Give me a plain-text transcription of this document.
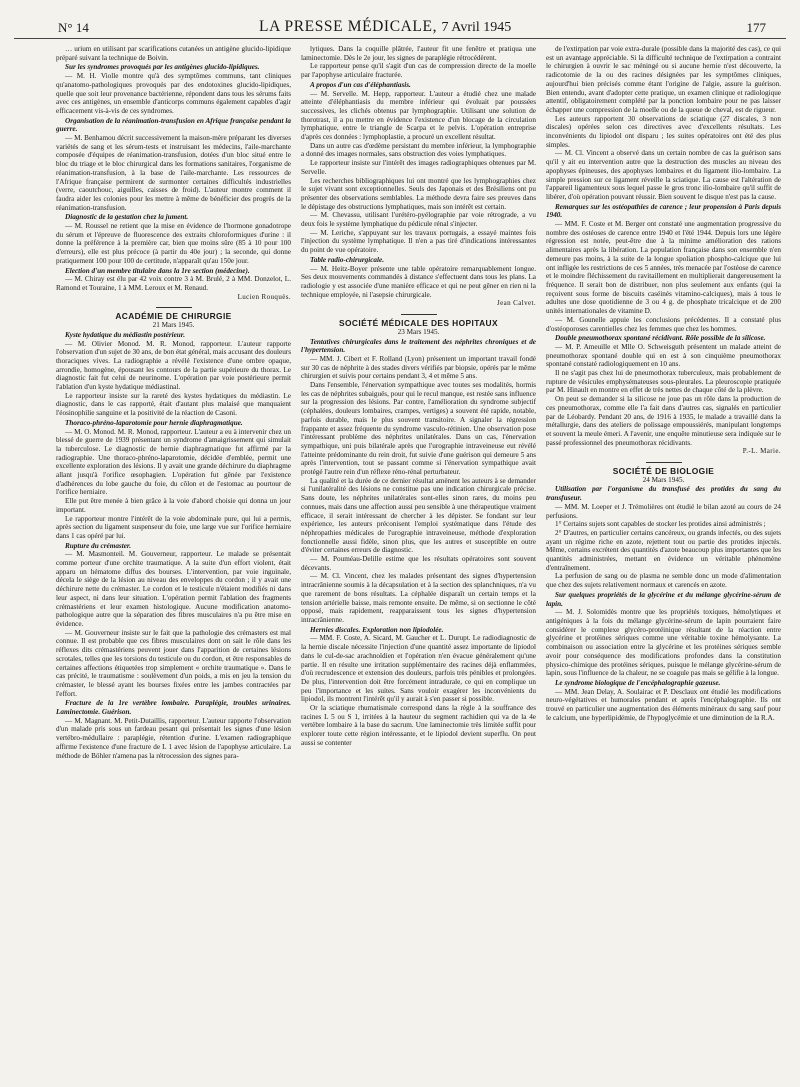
N° 14	LA PRESSE MÉDICALE, 7 Avril 1945	177

… urium en utilisant par scarifications cutanées un antigène glucido-lipidique préparé suivant la technique de Boivin.

Sur les syndromes provoqués par les antigènes glucido-lipidiques.

— M. H. Violle montre qu'à des symptômes communs, tant cliniques qu'anatomo-pathologiques provoqués par des endotoxines glucido-lipidiques, quelle que soit leur provenance bactérienne, répondent dans tous les sérums faits avec ces antigènes, un ensemble d'anticorps communs également capables d'agir efficacement vis-à-vis de ces syndromes.

Organisation de la réanimation-transfusion en Afrique française pendant la guerre.

— M. Benhamou décrit successivement la maison-mère préparant les diverses variétés de sang et les sérum-tests et instruisant les médecins, l'aile-marchante composée d'équipes de réanimation-transfusion, dotées d'un bloc situé entre le bloc du triage et le bloc chirurgical dans les formations sanitaires, l'organisme de réanimation-transfusion, à la base de l'aile-marchante. Les ressources de l'Afrique française permirent de surmonter certaines difficultés industrielles (verre, caoutchouc, aiguilles, caisses de froid). L'auteur montre comment il faudra aider les colonies pour les mettre à même de bénéficier des progrès de la réanimation-transfusion.

Diagnostic de la gestation chez la jument.

— M. Roussel ne retient que la mise en évidence de l'hormone gonadotrope du sérum et l'épreuve de fluorescence des extraits chloroformiques d'urine : il donne la préférence à la première car, bien que moins sûre (85 à 10 pour 100 d'erreurs), elle est plus précoce (à partir du 40e jour) ; la seconde, qui donne pratiquement 100 pour 100 de certitude, n'apparaît qu'au 150e jour.

Election d'un membre titulaire dans la 1re section (médecine).

— M. Chiray est élu par 42 voix contre 3 à M. Brulé, 2 à MM. Donzelot, L. Ramond et Touraine, 1 à MM. Leroux et M. Renaud.

Lucien Rouquès.

ACADÉMIE DE CHIRURGIE

21 Mars 1945.

Kyste hydatique du médiastin postérieur.

— M. Olivier Monod. M. R. Monod, rapporteur. L'auteur rapporte l'observation d'un sujet de 30 ans, de bon état général, mais accusant des douleurs thoraciques vives. La radiographie a révélé l'existence d'une ombre opaque, arrondie, homogène, épousant les contours de la partie supérieure du thorax. Le diagnostic fait fut celui de neurinome. L'opération par voie postérieure permit l'ablation d'un kyste hydatique médiastinal.

Le rapporteur insiste sur la rareté des kystes hydatiques du médiastin. Le diagnostic, dans le cas rapporté, était d'autant plus malaisé que manquaient l'éosinophilie sanguine et la positivité de la réaction de Casoni.

Thoraco-phréno-laparotomie pour hernie diaphragmatique.

— M. O. Monod. M. R. Monod, rapporteur. L'auteur a eu à intervenir chez un blessé de guerre de 1939 présentant un syndrome d'amaigrissement qui simulait la tuberculose. Le diagnostic de hernie diaphragmatique fut affirmé par la radiographie. Une thoraco-phréno-laparotomie, décidée d'emblée, permit une excellente exploration des lésions. Il y avait une grande déchirure du diaphragme allant jusqu'à l'orifice œsophagien. L'opération fut gênée par l'existence d'adhérences du lobe gauche du foie, du côlon et de l'estomac au pourtour de l'orifice herniaire.

Elle put être menée à bien grâce à la voie d'abord choisie qui donna un jour important.

Le rapporteur montre l'intérêt de la voie abdominale pure, qui lui a permis, après section du ligament suspenseur du foie, une large vue sur l'orifice herniaire dans 1 cas opéré par lui.

Rupture du crémaster.

— M. Masmonteil. M. Gouverneur, rapporteur. Le malade se présentait comme porteur d'une orchite traumatique. A la suite d'un effort violent, était apparu un hématome diffus des bourses. L'intervention, par voie inguinale, décela le siège de la lésion au niveau des enveloppes du cordon ; il y avait une déchirure nette du crémaster. Le cordon et le testicule n'étaient modifiés ni dans leur aspect, ni dans leur situation. L'opération permit l'ablation des fragments crémastériens et leur examen histologique. Aucune modification anatomo-pathologique autre que la séparation des fibres musculaires n'a pu être mise en évidence.

— M. Gouverneur insiste sur le fait que la pathologie des crémasters est mal connue. Il est probable que ces fibres musculaires dont on sait le rôle dans les réflexes dits crémastériens peuvent jouer dans l'apparition de certaines lésions scrotales, telles que les torsions du testicule ou du cordon, et être responsables de certaines affections étiquetées trop simplement « orchite traumatique ». Dans le cas précité, le traumatisme : soulèvement d'un poids, a mis en jeu la tension du crémaster, le blessé ayant les bourses fixées entre les jambes contractées par l'effort.

Fracture de la 1re vertèbre lombaire. Paraplégie, troubles urinaires. Laminectomie. Guérison.

— M. Magnant. M. Petit-Dutaillis, rapporteur. L'auteur rapporte l'observation d'un malade pris sous un fardeau pesant qui présentait les signes d'une lésion vertébro-médullaire : paraplégie, rétention d'urine. L'examen radiographique affirme l'existence d'une fracture de L 1 avec lésion de l'apophyse articulaire. La méthode de Böhler n'amena pas la rétrocession des signes para-

lytiques. Dans la coquille plâtrée, l'auteur fit une fenêtre et pratiqua une laminectomie. Dès le 2e jour, les signes de paraplégie rétrocédèrent.

Le rapporteur pense qu'il s'agit d'un cas de compression directe de la moelle par l'apophyse articulaire fracturée.

A propos d'un cas d'éléphantiasis.

— M. Servelle. M. Hepp, rapporteur. L'auteur a étudié chez une malade atteinte d'éléphantiasis du membre inférieur qui évoluait par poussées successives, les clichés obtenus par lymphographie. Utilisant une solution de thorotrast, il a pu mettre en évidence l'existence d'un blocage de la circulation lymphatique, entre le triangle de Scarpa et le pelvis. L'opération entreprise d'après ces données : lymphoplastie, a procuré un excellent résultat.

Dans un autre cas d'œdème persistant du membre inférieur, la lymphographie a donné des images normales, sans obstruction des voies lymphatiques.

Le rapporteur insiste sur l'intérêt des images radiographiques obtenues par M. Servelle.

Les recherches bibliographiques lui ont montré que les lymphographies chez le sujet vivant sont exceptionnelles. Seuls des Japonais et des Brésiliens ont pu présenter des observations semblables. La méthode devra faire ses preuves dans le dépistage des obstructions lymphatiques, mais son intérêt est certain.

— M. Chevassu, utilisant l'urétéro-pyélographie par voie rétrograde, a vu deux fois le système lymphatique du pédicule rénal s'injecter.

— M. Leriche, s'appuyant sur les travaux portugais, a essayé maintes fois l'injection du système lymphatique. Il n'en a pas tiré d'indications intéressantes du point de vue opératoire.

Table radio-chirurgicale.

— M. Heitz-Boyer présente une table opératoire remarquablement longue. Ses deux mouvements commandés à distance s'effectuent dans tous les plans. La radiologie y est associée d'une manière efficace et qui ne peut gêner en rien ni la technique employée, ni l'asepsie chirurgicale.

Jean Calvet.

SOCIÉTÉ MÉDICALE DES HOPITAUX

23 Mars 1945.

Tentatives chirurgicales dans le traitement des néphrites chroniques et de l'hypertension.

— MM. J. Cibert et F. Rolland (Lyon) présentent un important travail fondé sur 30 cas de néphrite à des stades divers vérifiés par biopsie, opérés par le même chirurgien et suivis pour certains pendant 3, 4 et même 5 ans.

Dans l'ensemble, l'énervation sympathique avec toutes ses modalités, hormis les cas de néphrites subaiguës, pour qui le recul manque, est restée sans influence sur la progression des lésions. Par contre, l'amélioration du syndrome subjectif (céphalées, douleurs lombaires, crampes, vertiges) a souvent été rapide, notable, parfois durable, mais le plus souvent transitoire. A signaler la régression frappante et assez fréquente du syndrome vasculo-rétinien. Une observation pose l'intéressant problème des néphrites unilatérales. Dans un cas, l'énervation sympathique, uni puis bilatérale après que l'urographie intraveineuse eut révélé l'atteinte prédominante du rein droit, fut suivie d'une guérison qui demeure 5 ans après l'intervention, tout se passant comme si l'énervation sympathique avait protégé l'autre rein d'un réflexe réno-rénal perturbateur.

La qualité et la durée de ce dernier résultat amènent les auteurs à se demander si l'unilatéralité des lésions ne constitue pas une indication chirurgicale précise. Sans doute, les néphrites unilatérales sont-elles sinon rares, du moins peu connues, mais dans une affection aussi peu sensible à une thérapeutique vraiment efficace, il serait intéressant de chercher à les dépister. Se fondant sur leur expérience, les auteurs préconisent l'emploi systématique dans l'étude des néphropathies médicales de l'urographie intraveineuse, méthode d'exploration fonctionnelle aussi fidèle, sinon plus, que les autres et susceptible en outre d'éviter certaines erreurs de diagnostic.

— M. Pouméau-Delille estime que les résultats opératoires sont souvent décevants.

— M. Cl. Vincent, chez les malades présentant des signes d'hypertension intracrânienne soumis à la décapsulation et à la section des splanchniques, n'a vu que rarement de bons résultats. La céphalée disparaît un certain temps et la tension artérielle baisse, mais remonte ensuite. De même, si on sectionne le côté opposé, mais rapidement, reapparaissent tous les signes d'hypertension intracrânienne.

Hernies discales. Exploration non lipiodolée.

— MM. F. Coste, A. Sicard, M. Gaucher et L. Durupt. Le radiodiagnostic de la hernie discale nécessite l'injection d'une quantité assez importante de lipiodol dans le cul-de-sac arachnoïdien et l'opération n'en évacue généralement qu'une partie. Il en résulte une irritation supplémentaire des racines déjà enflammées, d'où recrudescence et extension des douleurs, parfois très pénibles et prolongées. De plus, l'intervention doit être forcément intradurale, ce qui en complique un peu l'importance et les suites. Sans vouloir exagérer les inconvénients du lipiodol, ils montrent l'intérêt qu'il y aurait à s'en passer si possible.

Or la sciatique rhumatismale correspond dans la règle à la souffrance des racines L 5 ou S 1, irritées à la hauteur du segment rachidien qui va de la 4e vertèbre lombaire à la base du sacrum. Une laminectomie très limitée suffit pour explorer toute cette région intéressante, et le lipiodol devient superflu. On peut aussi se contenter

de l'extirpation par voie extra-durale (possible dans la majorité des cas), ce qui est un avantage appréciable. Si la difficulté technique de l'extirpation a contraint le chirurgien à ouvrir le sac méningé ou si aucune hernie n'est découverte, la radicotomie de la ou des racines désignées par les symptômes cliniques, aujourd'hui bien précisés comme étant l'origine de l'algie, assure la guérison. Bien entendu, avant d'adopter cette pratique, un examen clinique et radiologique attentif, obligatoirement complété par la ponction lombaire pour ne pas laisser échapper une compression de la moelle ou de la queue de cheval, est de rigueur.

Les auteurs rapportent 30 observations de sciatique (27 discales, 3 non discales) opérées selon ces directives avec d'excellents résultats. Les inconvénients du lipiodol ont disparu ; les suites opératoires ont été des plus simples.

— M. Cl. Vincent a observé dans un certain nombre de cas la guérison sans qu'il y ait eu intervention autre que la destruction des muscles au niveau des apophyses épineuses, des apophyses lombaires et du ligament ilio-lombaire. La simple pression sur ce ligament réveille la sciatique. La cause est l'altération de l'appareil ligamenteux sous lequel passe le gros tronc ilio-lombaire qu'il suffit de libérer, d'où opération pouvant réussir. Bien souvent le disque n'est pas la cause.

Remarques sur les ostéopathies de carence ; leur propension à Paris depuis 1940.

— MM. F. Coste et M. Berger ont constaté une augmentation progressive du nombre des ostéoses de carence entre 1940 et l'été 1944. Depuis lors une légère régression est notée, peut-être due à la minime amélioration des rations alimentaires après la libération. La population française dans son ensemble n'en demeure pas moins, à la suite de la longue spoliation phospho-calcique que lui ont infligée les restrictions de ces 5 années, très menacée par l'ostéose de carence et le moindre fléchissement du ravitaillement en multiplierait dangereusement la fréquence. Il serait bon de distribuer, non plus seulement aux enfants (qui la reçoivent sous forme de biscuits caséinés vitamino-calciques), mais à tous le adultes une dose quotidienne de 3 ou 4 g. de phosphate tricalcique et de 200 unités internationales de vitamine D.

— M. Gounelle appuie les conclusions précédentes. Il a constaté plus d'ostéoporoses carentielles chez les femmes que chez les hommes.

Double pneumothorax spontané récidivant. Rôle possible de la silicose.

— M. P. Ameuille et Mlle O. Schweisguth présentent un malade atteint de pneumothorax spontané double qui en est à son cinquième pneumothorax spontané constaté radiologiquement en 10 ans.

Il ne s'agit pas chez lui de pneumothorax tuberculeux, mais probablement de rupture de vésicules emphysémateuses sous-pleurales. La pleuroscopie pratiquée par M. Hinault en montre en effet de très nettes de chaque côté de la plèvre.

On peut se demander si la silicose ne joue pas un rôle dans la production de ces pneumothorax, comme elle l'a fait dans d'autres cas, signalés en particulier par de Léobardy. Pendant 20 ans, de 1916 à 1935, le malade a travaillé dans la métallurgie, dans des ateliers de polissage empoussiérés, manipulant longtemps et souvent la meule émeri. A l'avenir, une enquête minutieuse sera indiquée sur le passé professionnel des pneumothorax récidivants.

P.-L. Marie.

SOCIÉTÉ DE BIOLOGIE

24 Mars 1945.

Utilisation par l'organisme du transfusé des protides du sang du transfuseur.

— MM. M. Loeper et J. Trémolières ont étudié le bilan azoté au cours de 24 perfusions.

1° Certains sujets sont capables de stocker les protides ainsi administrés ;

2° D'autres, en particulier certains cancéreux, ou grands infectés, ou des sujets ayant un régime riche en azote, rejettent tout ou partie des protides injectés. Même, certains excrètent des quantités d'azote beaucoup plus importantes que les quantités administrées, mettant en évidence un véritable phénomène d'entraînement.

La perfusion de sang ou de plasma ne semble donc un mode d'alimentation que chez des sujets relativement normaux et carencés en azote.

Sur quelques propriétés de la glycérine et du mélange glycérine-sérum de lapin.

— M. J. Solomidès montre que les propriétés toxiques, hémolytiques et antigéniques à la fois du mélange glycérine-sérum de lapin pourraient faire considérer le complexe glycéro-protéinique résultant de la réaction entre glycérine et protéines sériques comme une véritable toxine hémolysante. La combinaison ou association entre la glycérine et les protéines sériques semble avoir pour conséquence des modifications profondes dans la constitution physico-chimique des protéines sériques, puisque le mélange glycérine-sérum de lapin, sous l'influence de la chaleur, ne se coagule pas mais se gélifie à la longue.

Le syndrome biologique de l'encéphalographie gazeuse.

— MM. Jean Delay, A. Soulairac et P. Desclaux ont étudié les modifications neuro-végétatives et humorales pendant et après l'encéphalographie. Ils ont trouvé en particulier une augmentation des éléments minéraux du sang sauf pour le calcium, une hyperlipidémie, de l'hypoglycémie et une diminution de la R.A.
